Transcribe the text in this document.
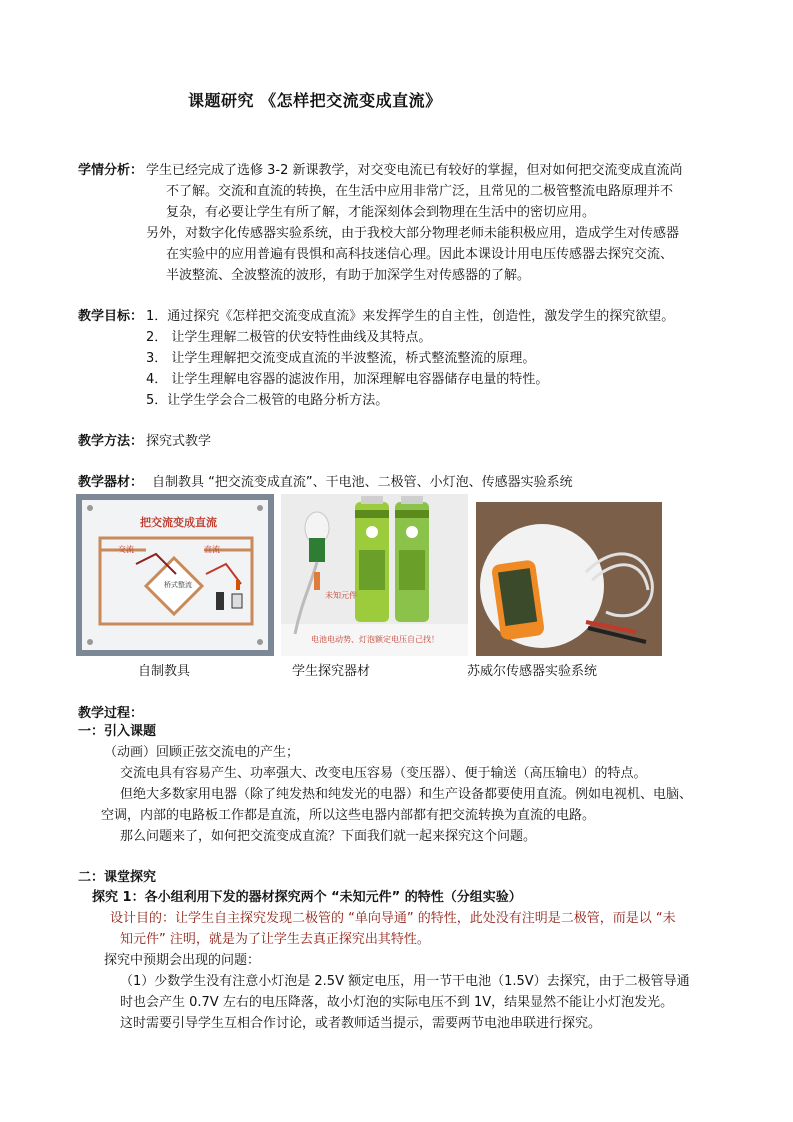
课题研究 《怎样把交流变成直流》
学情分析： 学生已经完成了选修 3-2 新课教学，对交变电流已有较好的掌握，但对如何把交流变成直流尚
不了解。交流和直流的转换，在生活中应用非常广泛，且常见的二极管整流电路原理并不
复杂，有必要让学生有所了解，才能深刻体会到物理在生活中的密切应用。
另外，对数字化传感器实验系统，由于我校大部分物理老师未能积极应用，造成学生对传感器
在实验中的应用普遍有畏惧和高科技迷信心理。因此本课设计用电压传感器去探究交流、
半波整流、全波整流的波形，有助于加深学生对传感器的了解。
教学目标： 1．通过探究《怎样把交流变成直流》来发挥学生的自主性，创造性，激发学生的探究欲望。
2． 让学生理解二极管的伏安特性曲线及其特点。
3． 让学生理解把交流变成直流的半波整流，桥式整流整流的原理。
4． 让学生理解电容器的滤波作用，加深理解电容器储存电量的特性。
5．让学生学会合二极管的电路分析方法。
教学方法： 探究式教学
教学器材： 自制教具 “把交流变成直流”、干电池、二极管、小灯泡、传感器实验系统
把交流变成直流
交流	直流
桥式整流
未知元件
电池电动势、灯泡额定电压自己找！
自制教具	学生探究器材	苏威尔传感器实验系统
教学过程：
一：引入课题
（动画）回顾正弦交流电的产生；
交流电具有容易产生、功率强大、改变电压容易（变压器）、便于输送（高压输电）的特点。
但绝大多数家用电器（除了纯发热和纯发光的电器）和生产设备都要使用直流。例如电视机、电脑、
空调，内部的电路板工作都是直流，所以这些电器内部都有把交流转换为直流的电路。
那么问题来了，如何把交流变成直流？下面我们就一起来探究这个问题。
二：课堂探究
探究 1：各小组利用下发的器材探究两个 “未知元件” 的特性（分组实验）
设计目的：让学生自主探究发现二极管的 “单向导通” 的特性，此处没有注明是二极管，而是以 “未
知元件” 注明，就是为了让学生去真正探究出其特性。
探究中预期会出现的问题：
（1）少数学生没有注意小灯泡是 2.5V 额定电压，用一节干电池（1.5V）去探究，由于二极管导通
时也会产生 0.7V 左右的电压降落，故小灯泡的实际电压不到 1V，结果显然不能让小灯泡发光。
这时需要引导学生互相合作讨论，或者教师适当提示，需要两节电池串联进行探究。
